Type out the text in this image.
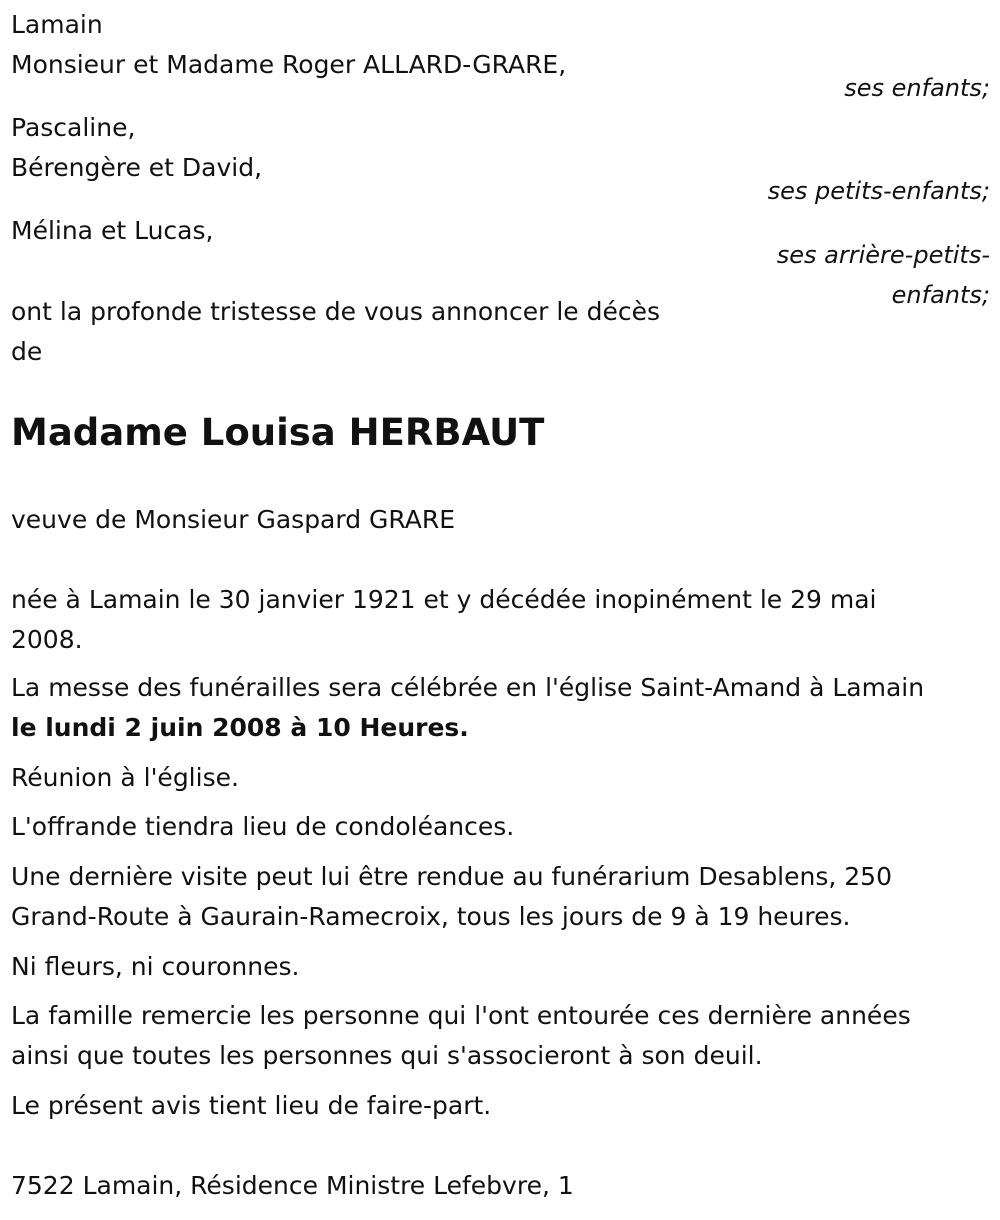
Lamain

Monsieur et Madame Roger ALLARD-GRARE,

ses enfants;

Pascaline,

Bérengère et David,

ses petits-enfants;

Mélina et Lucas,

ses arrière-petits-

enfants;

ont la profonde tristesse de vous annoncer le décès

de

Madame Louisa HERBAUT

veuve de Monsieur Gaspard GRARE

née à Lamain le 30 janvier 1921 et y décédée inopinément le 29 mai

2008.

La messe des funérailles sera célébrée en l'église Saint-Amand à Lamain

le lundi 2 juin 2008 à 10 Heures.

Réunion à l'église.

L'offrande tiendra lieu de condoléances.

Une dernière visite peut lui être rendue au funérarium Desablens, 250

Grand-Route à Gaurain-Ramecroix, tous les jours de 9 à 19 heures.

Ni fleurs, ni couronnes.

La famille remercie les personne qui l'ont entourée ces dernière années

ainsi que toutes les personnes qui s'associeront à son deuil.

Le présent avis tient lieu de faire-part.

7522 Lamain, Résidence Ministre Lefebvre, 1
